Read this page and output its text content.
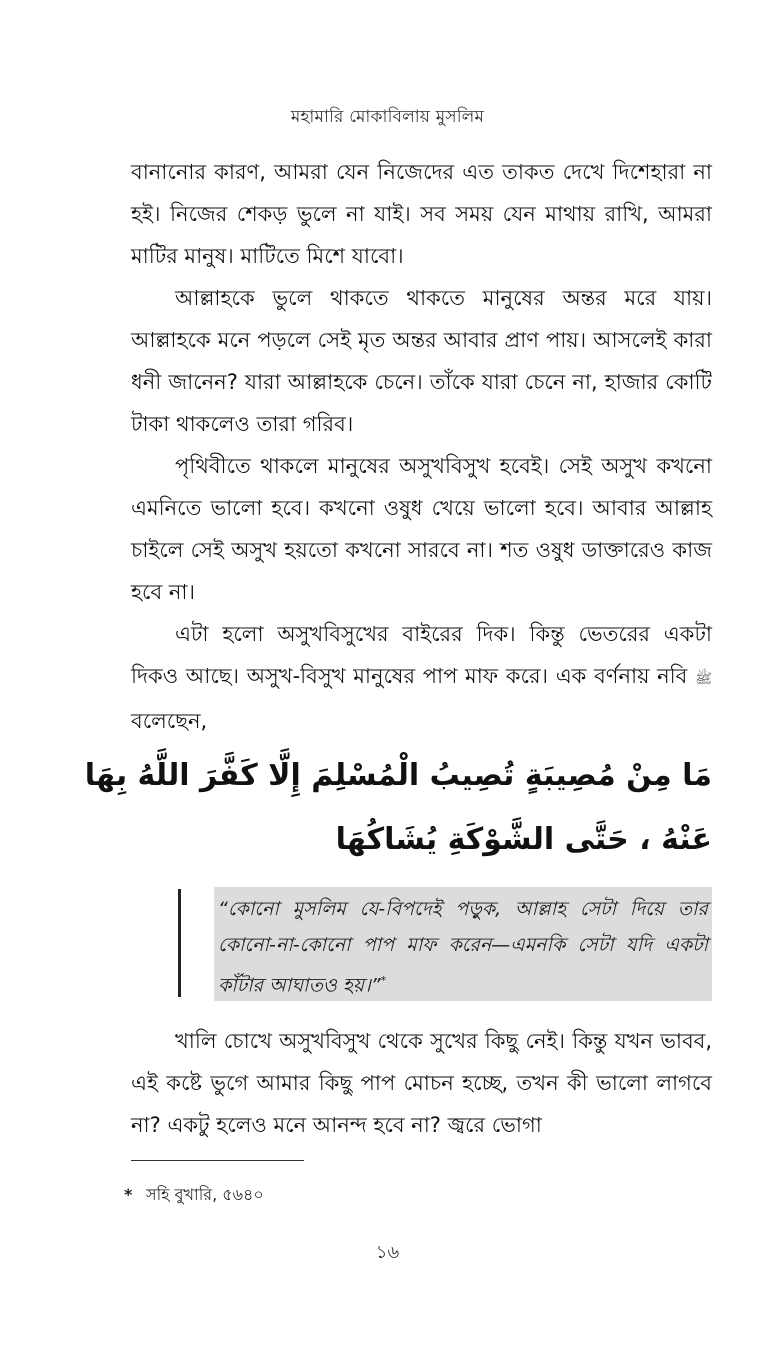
মহামারি মোকাবিলায় মুসলিম

বানানোর কারণ, আমরা যেন নিজেদের এত তাকত দেখে দিশেহারা না হই। নিজের শেকড় ভুলে না যাই। সব সময় যেন মাথায় রাখি, আমরা মাটির মানুষ। মাটিতে মিশে যাবো।

আল্লাহকে ভুলে থাকতে থাকতে মানুষের অন্তর মরে যায়। আল্লাহকে মনে পড়লে সেই মৃত অন্তর আবার প্রাণ পায়। আসলেই কারা ধনী জানেন? যারা আল্লাহকে চেনে। তাঁকে যারা চেনে না, হাজার কোটি টাকা থাকলেও তারা গরিব।

পৃথিবীতে থাকলে মানুষের অসুখবিসুখ হবেই। সেই অসুখ কখনো এমনিতে ভালো হবে। কখনো ওষুধ খেয়ে ভালো হবে। আবার আল্লাহ চাইলে সেই অসুখ হয়তো কখনো সারবে না। শত ওষুধ ডাক্তারেও কাজ হবে না।

এটা হলো অসুখবিসুখের বাইরের দিক। কিন্তু ভেতরের একটা দিকও আছে। অসুখ-বিসুখ মানুষের পাপ মাফ করে। এক বর্ণনায় নবি ﷺ বলেছেন,

مَا مِنْ مُصِيبَةٍ تُصِيبُ الْمُسْلِمَ إِلَّا كَفَّرَ اللَّهُ بِهَا
عَنْهُ ، حَتَّى الشَّوْكَةِ يُشَاكُهَا
“কোনো মুসলিম যে-বিপদেই পড়ুক, আল্লাহ সেটা দিয়ে তার কোনো-না-কোনো পাপ মাফ করেন—এমনকি সেটা যদি একটা কাঁটার আঘাতও হয়।”*

খালি চোখে অসুখবিসুখ থেকে সুখের কিছু নেই। কিন্তু যখন ভাবব, এই কষ্টে ভুগে আমার কিছু পাপ মোচন হচ্ছে, তখন কী ভালো লাগবে না? একটু হলেও মনে আনন্দ হবে না? জ্বরে ভোগা

* সহি বুখারি, ৫৬৪০
১৬
